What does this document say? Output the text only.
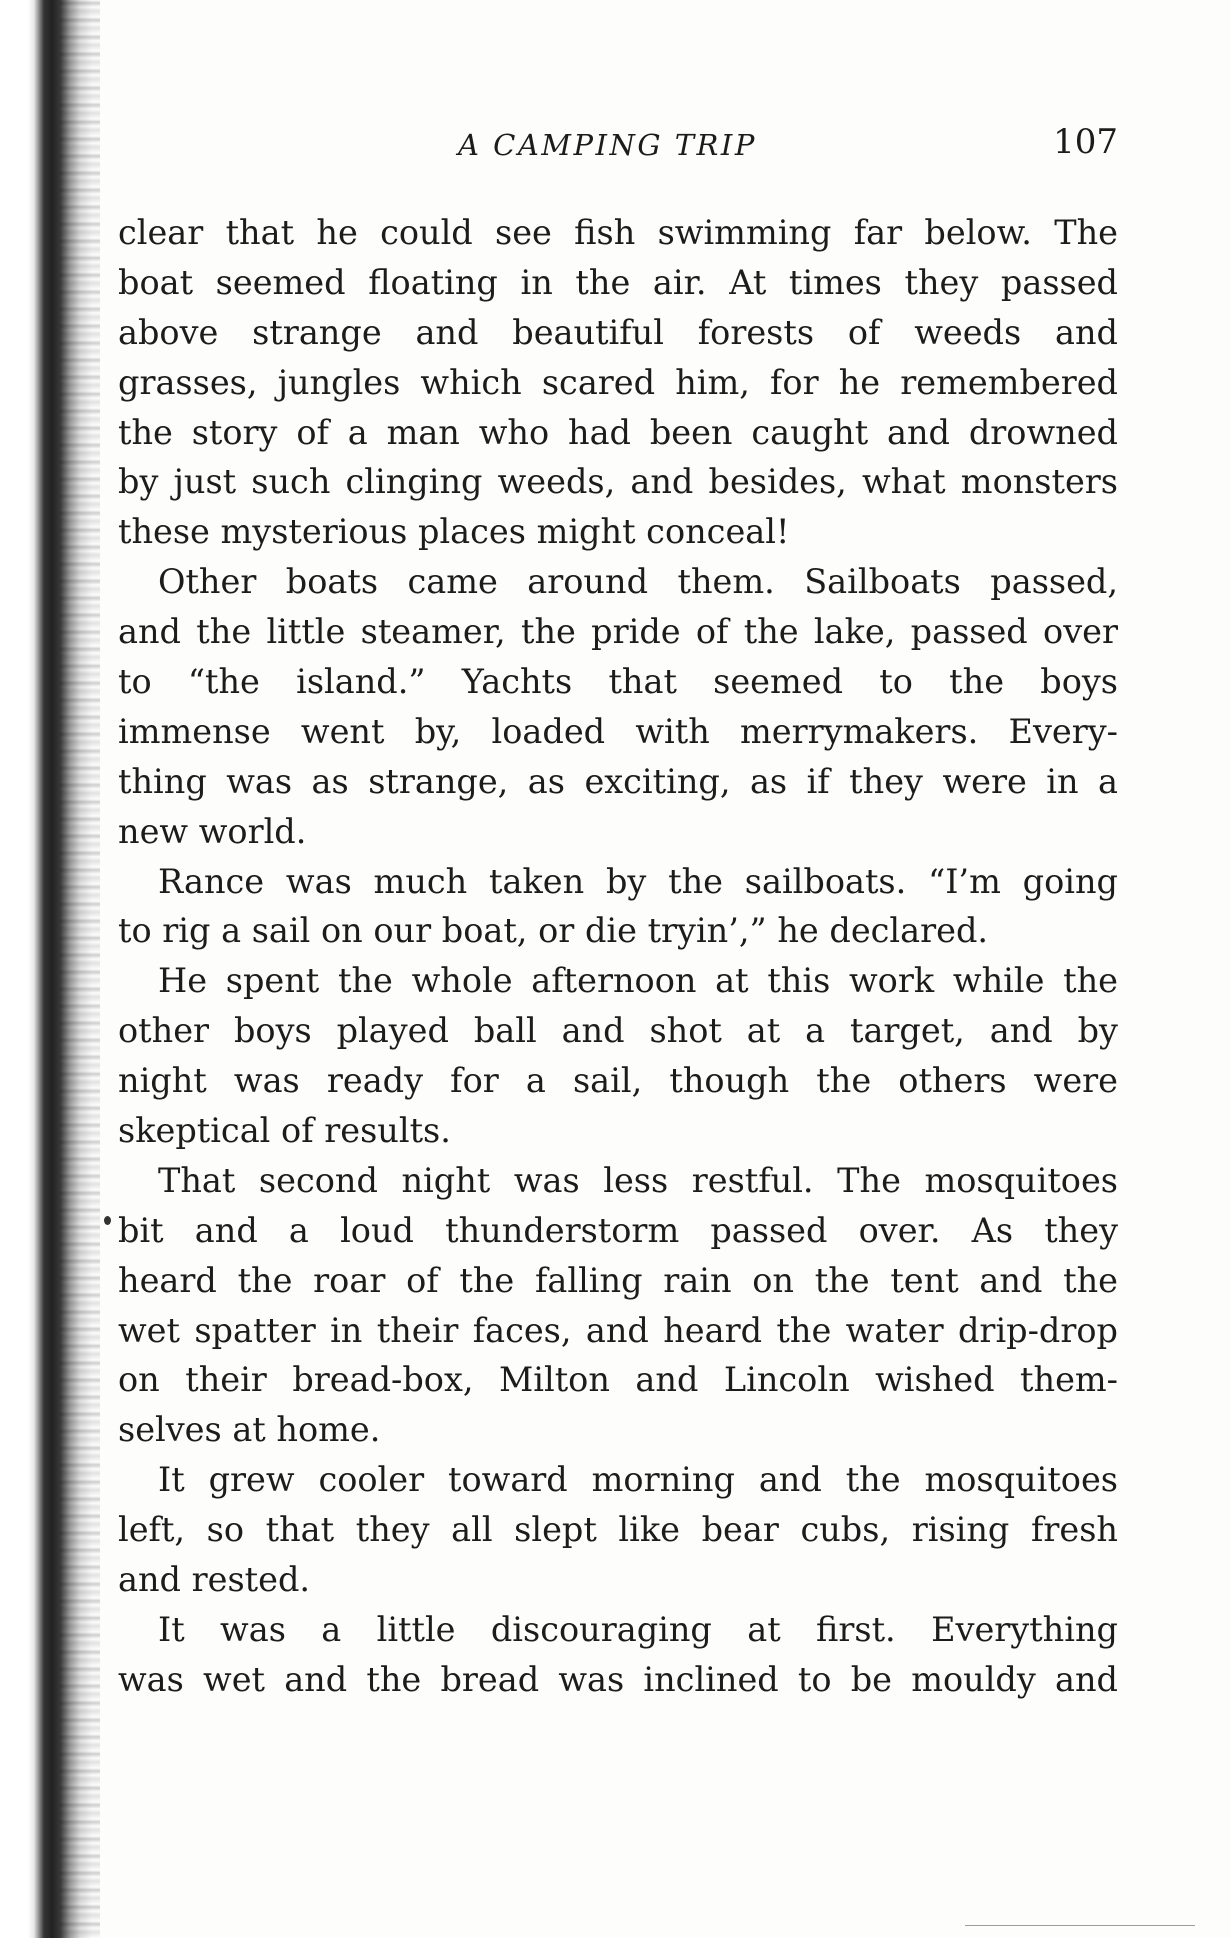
A CAMPING TRIP	107
clear that he could see fish swimming far below. The
boat seemed floating in the air. At times they passed
above strange and beautiful forests of weeds and
grasses, jungles which scared him, for he remembered
the story of a man who had been caught and drowned
by just such clinging weeds, and besides, what monsters
these mysterious places might conceal!
Other boats came around them. Sailboats passed,
and the little steamer, the pride of the lake, passed over
to “the island.” Yachts that seemed to the boys
immense went by, loaded with merrymakers. Every-
thing was as strange, as exciting, as if they were in a
new world.
Rance was much taken by the sailboats. “I’m going
to rig a sail on our boat, or die tryin’,” he declared.
He spent the whole afternoon at this work while the
other boys played ball and shot at a target, and by
night was ready for a sail, though the others were
skeptical of results.
That second night was less restful. The mosquitoes
bit and a loud thunderstorm passed over. As they
heard the roar of the falling rain on the tent and the
wet spatter in their faces, and heard the water drip-drop
on their bread-box, Milton and Lincoln wished them-
selves at home.
It grew cooler toward morning and the mosquitoes
left, so that they all slept like bear cubs, rising fresh
and rested.
It was a little discouraging at first. Everything
was wet and the bread was inclined to be mouldy and
